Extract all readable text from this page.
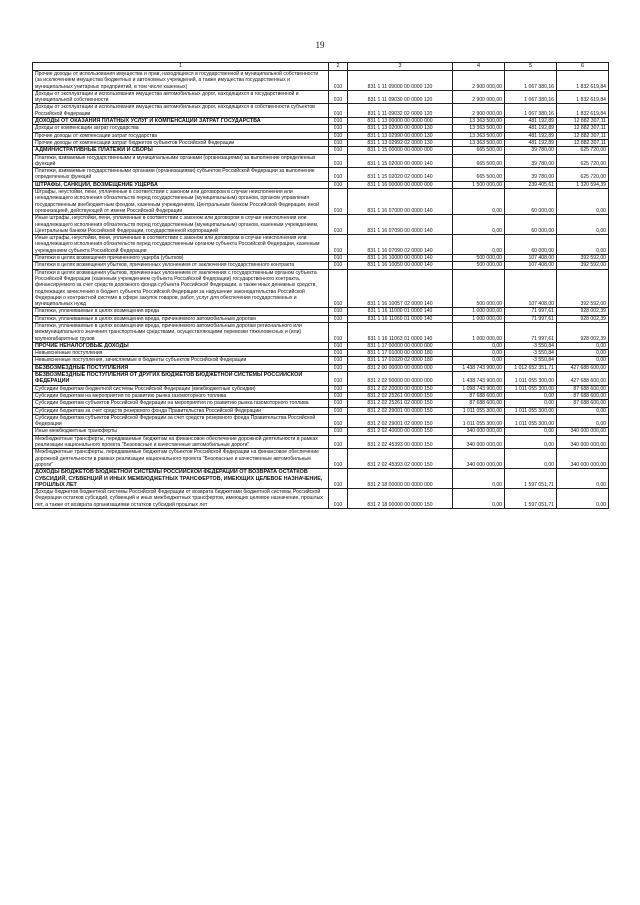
19
1	2	3	4	5	6
Прочие доходы от использования имущества и прав, находящихся в государственной и муниципальной собственности (за исключением имущества бюджетных и автономных учреждений, а также имущества государственных и муниципальных унитарных предприятий, в том числе казенных)	010	831 1 11 09000 00 0000 120	2 900 000,00	1 067 380,16	1 832 619,84
Доходы от эксплуатации и использования имущества автомобильных дорог, находящихся в государственной и муниципальной собственности	010	831 1 11 09030 00 0000 120	2 900 000,00	1 067 380,16	1 832 619,84
Доходы от эксплуатации и использования имущества автомобильных дорог, находящихся в собственности субъектов Российской Федерации	010	831 1 11 09032 02 0000 120	2 900 000,00	1 067 380,16	1 832 619,84
ДОХОДЫ ОТ ОКАЗАНИЯ ПЛАТНЫХ УСЛУГ И КОМПЕНСАЦИИ ЗАТРАТ ГОСУДАРСТВА	010	831 1 13 00000 00 0000 000	13 363 500,00	481 192,89	12 882 307,11
Доходы от компенсации затрат государства	010	831 1 13 02000 00 0000 130	13 363 500,00	481 192,89	12 882 307,11
Прочие доходы от компенсации затрат государства	010	831 1 13 02990 00 0000 130	13 363 500,00	481 192,89	12 882 307,11
Прочие доходы от компенсации затрат бюджетов субъектов Российской Федерации	010	831 1 13 02992 02 0000 130	13 363 500,00	481 192,89	12 882 307,11
АДМИНИСТРАТИВНЫЕ ПЛАТЕЖИ И СБОРЫ	010	831 1 15 00000 00 0000 000	665 500,00	39 780,00	625 720,00
Платежи, взимаемые государственными и муниципальными органами (организациями) за выполнение определенных функций	010	831 1 15 02000 00 0000 140	665 500,00	39 780,00	625 720,00
Платежи, взимаемые государственными органами (организациями) субъектов Российской Федерации за выполнение определенных функций	010	831 1 15 02020 02 0000 140	665 500,00	39 780,00	625 720,00
ШТРАФЫ, САНКЦИИ, ВОЗМЕЩЕНИЕ УЩЕРБА	010	831 1 16 00000 00 0000 000	1 500 000,00	239 405,61	1 320 594,39
Штрафы, неустойки, пени, уплаченные в соответствии с законом или договором в случае неисполнения или ненадлежащего исполнения обязательств перед государственным (муниципальным) органом, органом управления государственным внебюджетным фондом, казенным учреждением, Центральным банком Российской Федерации, иной организацией, действующей от имени Российской Федерации	010	831 1 16 07000 00 0000 140	0,00	60 000,00	0,00
Иные штрафы, неустойки, пени, уплаченные в соответствии с законом или договором в случае неисполнения или ненадлежащего исполнения обязательств перед государственным (муниципальным) органом, казенным учреждением, Центральным банком Российской Федерации, государственной корпорацией	010	831 1 16 07090 00 0000 140	0,00	60 000,00	0,00
Иные штрафы, неустойки, пени, уплаченные в соответствии с законом или договором в случае неисполнения или ненадлежащего исполнения обязательств перед государственным органом субъекта Российской Федерации, казенным учреждением субъекта Российской Федерации	010	831 1 16 07090 02 0000 140	0,00	60 000,00	0,00
Платежи в целях возмещения причиненного ущерба (убытков)	010	831 1 16 10000 00 0000 140	500 000,00	107 408,00	392 592,00
Платежи в целях возмещения убытков, причиненных уклонением от заключения государственного контракта	010	831 1 16 10050 00 0000 140	500 000,00	107 408,00	392 592,00
Платежи в целях возмещения убытков, причиненных уклонением от заключения с государственным органом субъекта Российской Федерации (казенным учреждением субъекта Российской Федерации) государственного контракта, финансируемого за счет средств дорожного фонда субъекта Российской Федерации, а также иных денежных средств, подлежащих зачислению в бюджет субъекта Российской Федерации за нарушение законодательства Российской Федерации о контрактной системе в сфере закупок товаров, работ, услуг для обеспечения государственных и муниципальных нужд	010	831 1 16 10057 02 0000 140	500 000,00	107 408,00	392 592,00
Платежи, уплачиваемые в целях возмещения вреда	010	831 1 16 11000 01 0000 140	1 000 000,00	71 997,61	928 002,39
Платежи, уплачиваемые в целях возмещения вреда, причиняемого автомобильным дорогам	010	831 1 16 11060 01 0000 140	1 000 000,00	71 997,61	928 002,39
Платежи, уплачиваемые в целях возмещения вреда, причиняемого автомобильным дорогам регионального или межмуниципального значения транспортными средствами, осуществляющими перевозки тяжеловесных и (или) крупногабаритных грузов	010	831 1 16 11063 01 0000 140	1 000 000,00	71 997,61	928 002,39
ПРОЧИЕ НЕНАЛОГОВЫЕ ДОХОДЫ	010	831 1 17 00000 00 0000 000	0,00	-3 550,84	0,00
Невыясненные поступления	010	831 1 17 01000 00 0000 180	0,00	-3 550,84	0,00
Невыясненные поступления, зачисляемые в бюджеты субъектов Российской Федерации	010	831 1 17 01020 02 0000 180	0,00	-3 550,84	0,00
БЕЗВОЗМЕЗДНЫЕ ПОСТУПЛЕНИЯ	010	831 2 00 00000 00 0000 000	1 438 743 900,00	1 012 652 351,71	427 688 600,00
БЕЗВОЗМЕЗДНЫЕ ПОСТУПЛЕНИЯ ОТ ДРУГИХ БЮДЖЕТОВ БЮДЖЕТНОЙ СИСТЕМЫ РОССИЙСКОЙ ФЕДЕРАЦИИ	010	831 2 02 00000 00 0000 000	1 438 743 900,00	1 011 055 300,00	427 688 600,00
Субсидии бюджетам бюджетной системы Российской Федерации (межбюджетные субсидии)	010	831 2 02 20000 00 0000 150	1 098 743 900,00	1 011 055 300,00	87 688 600,00
Субсидии бюджетам на мероприятия по развитию рынка газомоторного топлива	010	831 2 02 25261 00 0000 150	87 688 600,00	0,00	87 688 600,00
Субсидии бюджетам субъектов Российской Федерации на мероприятия по развитию рынка газомоторного топлива	010	831 2 02 25261 02 0000 150	87 688 600,00	0,00	87 688 600,00
Субсидии бюджетам за счет средств резервного фонда Правительства Российской Федерации	010	831 2 02 29001 00 0000 150	1 011 055 300,00	1 011 055 300,00	0,00
Субсидии бюджетам субъектов Российской Федерации за счет средств резервного фонда Правительства Российской Федерации	010	831 2 02 29001 02 0000 150	1 011 055 300,00	1 011 055 300,00	0,00
Иные межбюджетные трансферты	010	831 2 02 40000 00 0000 150	340 000 000,00	0,00	340 000 000,00
Межбюджетные трансферты, передаваемые бюджетам на финансовое обеспечение дорожной деятельности в рамках реализации национального проекта "Безопасные и качественные автомобильные дороги"	010	831 2 02 45393 00 0000 150	340 000 000,00	0,00	340 000 000,00
Межбюджетные трансферты, передаваемые бюджетам субъектов Российской Федерации на финансовое обеспечение дорожной деятельности в рамках реализации национального проекта "Безопасные и качественные автомобильные дороги"	010	831 2 02 45393 02 0000 150	340 000 000,00	0,00	340 000 000,00
ДОХОДЫ БЮДЖЕТОВ БЮДЖЕТНОЙ СИСТЕМЫ РОССИЙСКОЙ ФЕДЕРАЦИИ ОТ ВОЗВРАТА ОСТАТКОВ СУБСИДИЙ, СУБВЕНЦИЙ И ИНЫХ МЕЖБЮДЖЕТНЫХ ТРАНСФЕРТОВ, ИМЕЮЩИХ ЦЕЛЕВОЕ НАЗНАЧЕНИЕ, ПРОШЛЫХ ЛЕТ	010	831 2 18 00000 00 0000 000	0,00	1 597 051,71	0,00
Доходы бюджетов бюджетной системы Российской Федерации от возврата бюджетами бюджетной системы Российской Федерации остатков субсидий, субвенций и иных межбюджетных трансфертов, имеющих целевое назначение, прошлых лет, а также от возврата организациями остатков субсидий прошлых лет	010	831 2 18 00000 00 0000 150	0,00	1 597 051,71	0,00
